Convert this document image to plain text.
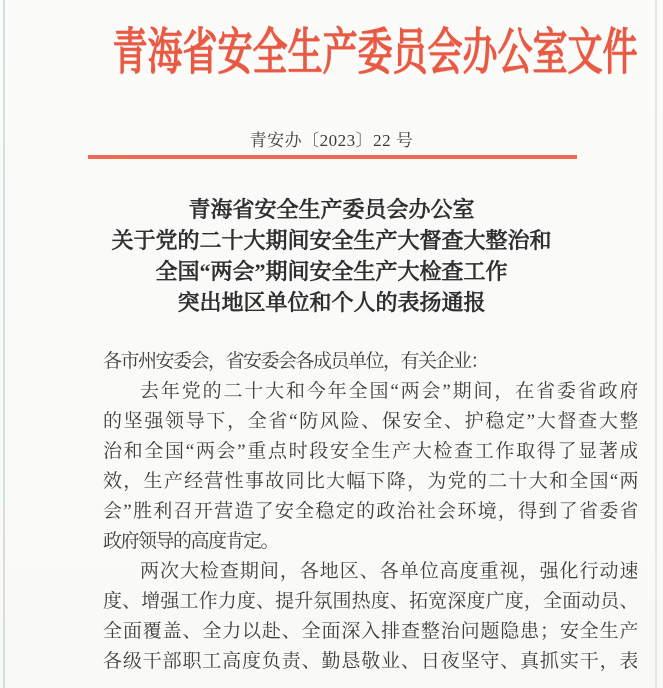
青海省安全生产委员会办公室文件
青安办〔2023〕22 号
青海省安全生产委员会办公室
关于党的二十大期间安全生产大督查大整治和
全国“两会”期间安全生产大检查工作
突出地区单位和个人的表扬通报
各市州安委会，省安委会各成员单位，有关企业：
去年党的二十大和今年全国“两会”期间，在省委省政府
的坚强领导下，全省“防风险、保安全、护稳定”大督查大整
治和全国“两会”重点时段安全生产大检查工作取得了显著成
效，生产经营性事故同比大幅下降，为党的二十大和全国“两
会”胜利召开营造了安全稳定的政治社会环境，得到了省委省
政府领导的高度肯定。
两次大检查期间，各地区、各单位高度重视，强化行动速
度、增强工作力度、提升氛围热度、拓宽深度广度，全面动员、
全面覆盖、全力以赴、全面深入排查整治问题隐患；安全生产
各级干部职工高度负责、勤恳敬业、日夜坚守、真抓实干，表
